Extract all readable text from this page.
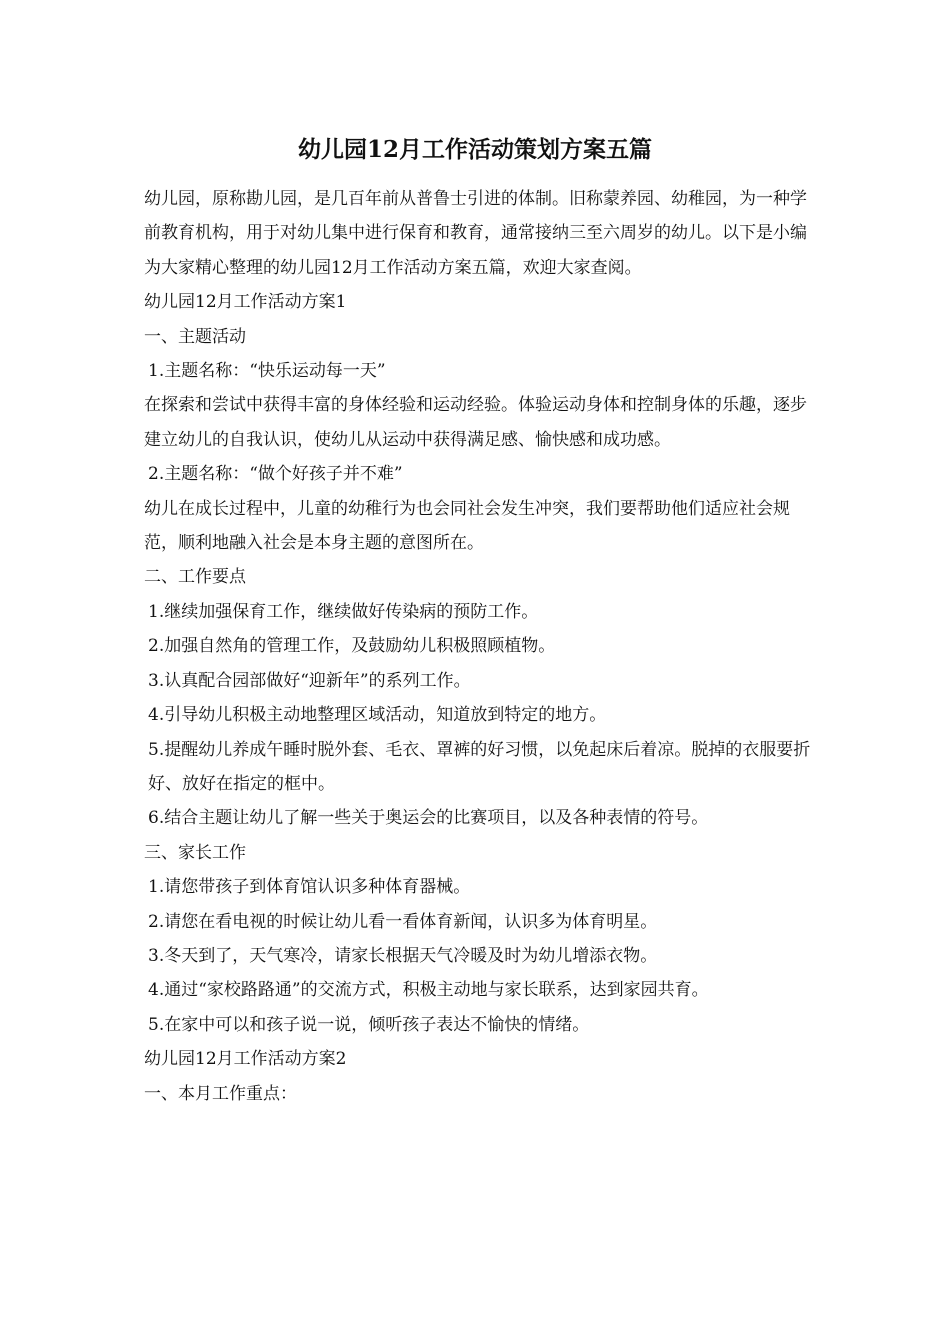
幼儿园12月工作活动策划方案五篇

幼儿园，原称勘儿园，是几百年前从普鲁士引进的体制。旧称蒙养园、幼稚园，为一种学前教育机构，用于对幼儿集中进行保育和教育，通常接纳三至六周岁的幼儿。以下是小编为大家精心整理的幼儿园12月工作活动方案五篇，欢迎大家查阅。

幼儿园12月工作活动方案1

一、主题活动

1.主题名称：“快乐运动每一天”

在探索和尝试中获得丰富的身体经验和运动经验。体验运动身体和控制身体的乐趣，逐步建立幼儿的自我认识，使幼儿从运动中获得满足感、愉快感和成功感。

2.主题名称：“做个好孩子并不难”

幼儿在成长过程中，儿童的幼稚行为也会同社会发生冲突，我们要帮助他们适应社会规范，顺利地融入社会是本身主题的意图所在。

二、工作要点

1.继续加强保育工作，继续做好传染病的预防工作。

2.加强自然角的管理工作，及鼓励幼儿积极照顾植物。

3.认真配合园部做好“迎新年”的系列工作。

4.引导幼儿积极主动地整理区域活动，知道放到特定的地方。

5.提醒幼儿养成午睡时脱外套、毛衣、罩裤的好习惯，以免起床后着凉。脱掉的衣服要折好、放好在指定的框中。

6.结合主题让幼儿了解一些关于奥运会的比赛项目，以及各种表情的符号。

三、家长工作

1.请您带孩子到体育馆认识多种体育器械。

2.请您在看电视的时候让幼儿看一看体育新闻，认识多为体育明星。

3.冬天到了，天气寒冷，请家长根据天气冷暖及时为幼儿增添衣物。

4.通过“家校路路通”的交流方式，积极主动地与家长联系，达到家园共育。

5.在家中可以和孩子说一说，倾听孩子表达不愉快的情绪。

幼儿园12月工作活动方案2

一、本月工作重点：
